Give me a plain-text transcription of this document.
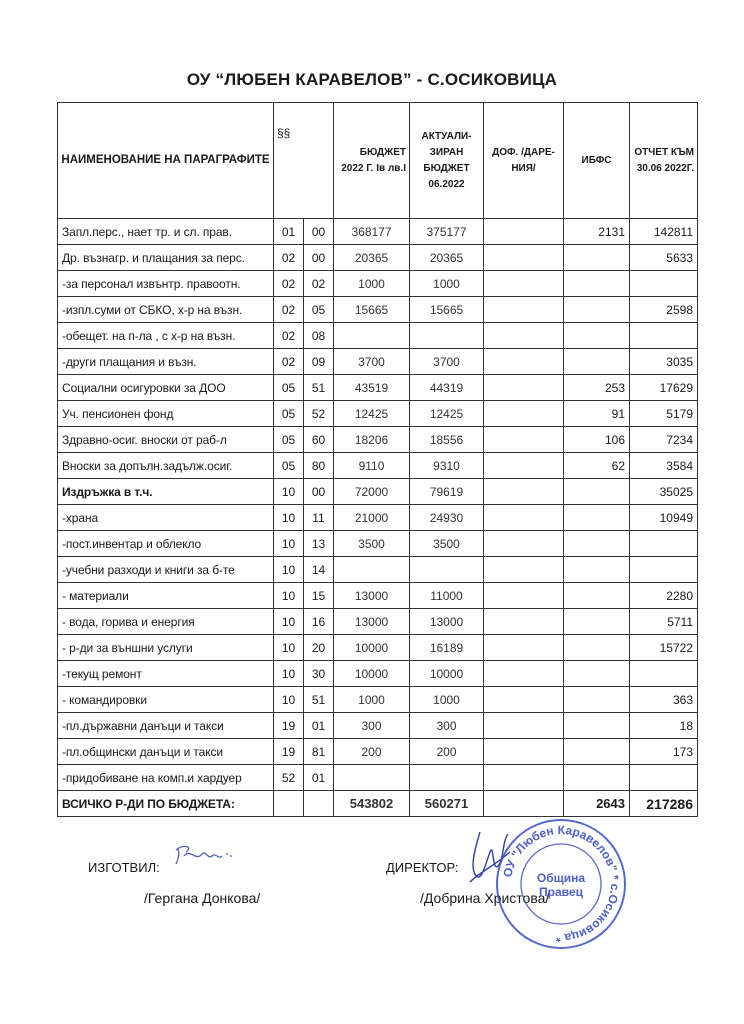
ОУ “ЛЮБЕН КАРАВЕЛОВ” - С.ОСИКОВИЦА
НАИМЕНОВАНИЕ НА ПАРАГРАФИТЕ	§§		БЮДЖЕТ 2022 Г. Iв лв.I	АКТУАЛИ-ЗИРАН БЮДЖЕТ 06.2022	ДОФ. /ДАРЕ-НИЯ/	ИБФС	ОТЧЕТ КЪМ 30.06 2022Г.
Запл.перс., нает тр. и сл. прав.	01	00	368177	375177		2131	142811
Др. възнагр. и плащания за перс.	02	00	20365	20365			5633
-за персонал извънтр. правоотн.	02	02	1000	1000			
-изпл.суми от СБКО, х-р на възн.	02	05	15665	15665			2598
-обещет. на п-ла , с х-р на възн.	02	08					
-други плащания и възн.	02	09	3700	3700			3035
Социални осигуровки за ДОО	05	51	43519	44319		253	17629
Уч. пенсионен фонд	05	52	12425	12425		91	5179
Здравно-осиг. вноски от раб-л	05	60	18206	18556		106	7234
Вноски за допълн.задълж.осиг.	05	80	9110	9310		62	3584
Издръжка в т.ч.	10	00	72000	79619			35025
-храна	10	11	21000	24930			10949
-пост.инвентар и облекло	10	13	3500	3500			
-учебни разходи и книги за б-те	10	14					
- материали	10	15	13000	11000			2280
- вода, горива и енергия	10	16	13000	13000			5711
- р-ди за външни услуги	10	20	10000	16189			15722
-текущ ремонт	10	30	10000	10000			
- командировки	10	51	1000	1000			363
-пл.държавни данъци и такси	19	01	300	300			18
-пл.общински данъци и такси	19	81	200	200			173
-придобиване на комп.и хардуер	52	01					
ВСИЧКО Р-ДИ ПО БЮДЖЕТА:			543802	560271		2643	217286
ИЗГОТВИЛ:
/Гергана Донкова/
ДИРЕКТОР:
/Добрина Христова/
ОУ "Любен Каравелов" * с.Осиковица *
Община
Правец
